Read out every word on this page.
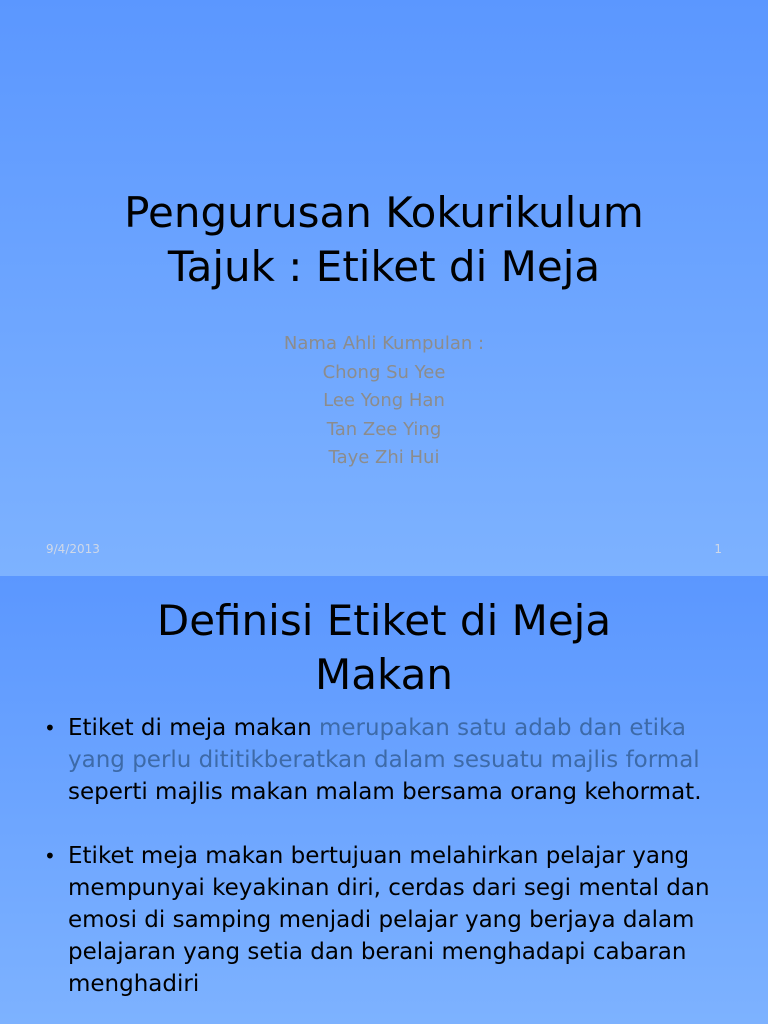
Pengurusan Kokurikulum
Tajuk : Etiket di Meja
Nama Ahli Kumpulan :
Chong Su Yee
Lee Yong Han
Tan Zee Ying
Taye Zhi Hui
9/4/2013	1
Definisi Etiket di Meja
Makan
• Etiket di meja makan merupakan satu adab dan etika yang perlu dititikberatkan dalam sesuatu majlis formal seperti majlis makan malam bersama orang kehormat.
• Etiket meja makan bertujuan melahirkan pelajar yang mempunyai keyakinan diri, cerdas dari segi mental dan emosi di samping menjadi pelajar yang berjaya dalam pelajaran yang setia dan berani menghadapi cabaran menghadiri
